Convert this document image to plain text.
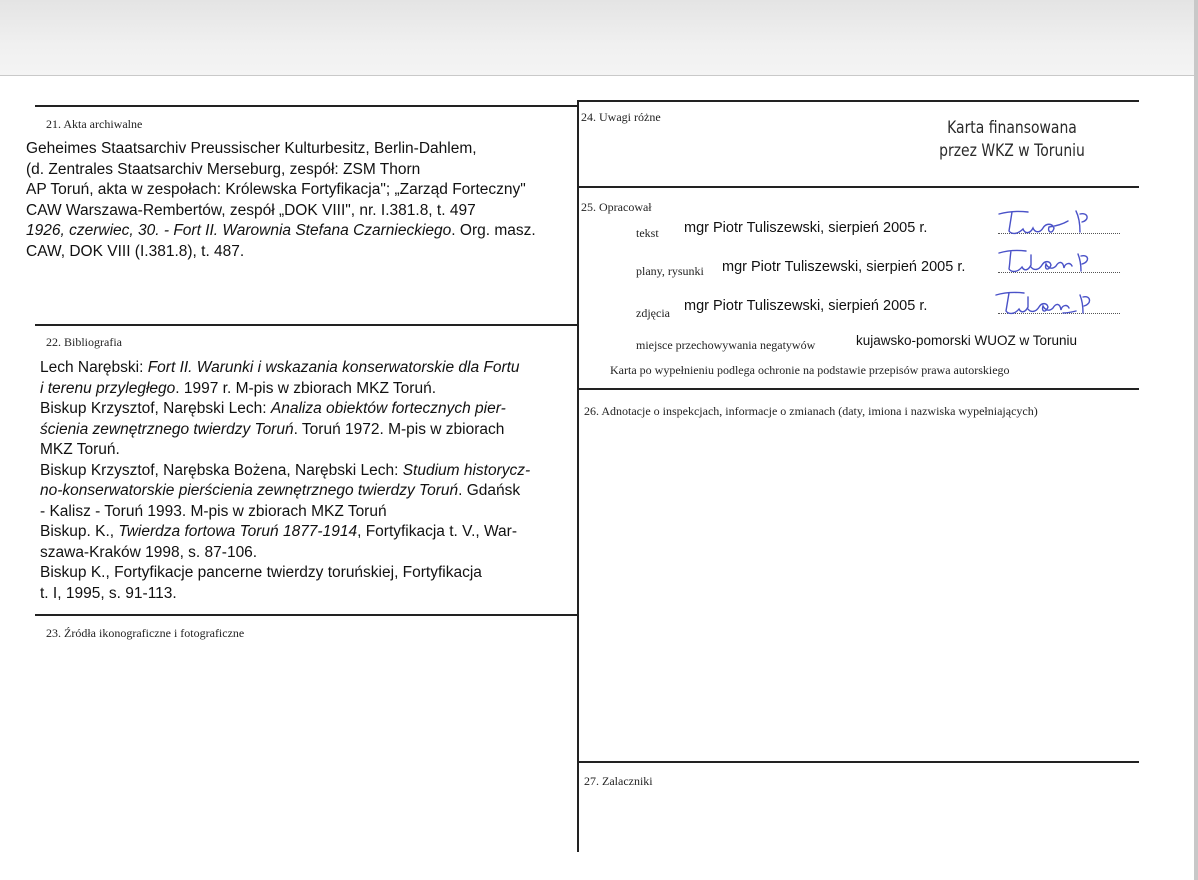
21. Akta archiwalne
Geheimes Staatsarchiv Preussischer Kulturbesitz, Berlin-Dahlem,
(d. Zentrales Staatsarchiv Merseburg, zespół: ZSM Thorn
AP Toruń, akta w zespołach: Królewska Fortyfikacja"; „Zarząd Forteczny"
CAW Warszawa-Rembertów, zespół „DOK VIII", nr. I.381.8, t. 497
1926, czerwiec, 30. - Fort II. Warownia Stefana Czarnieckiego. Org. masz.
CAW, DOK VIII (I.381.8), t. 487.
22. Bibliografia
Lech Narębski: Fort II. Warunki i wskazania konserwatorskie dla Fortu
i terenu przyległego. 1997 r. M-pis w zbiorach MKZ Toruń.
Biskup Krzysztof, Narębski Lech: Analiza obiektów fortecznych pier-
ścienia zewnętrznego twierdzy Toruń. Toruń 1972. M-pis w zbiorach
MKZ Toruń.
Biskup Krzysztof, Narębska Bożena, Narębski Lech: Studium historycz-
no-konserwatorskie pierścienia zewnętrznego twierdzy Toruń. Gdańsk
- Kalisz - Toruń 1993. M-pis w zbiorach MKZ Toruń
Biskup. K., Twierdza fortowa Toruń 1877-1914, Fortyfikacja t. V., War-
szawa-Kraków 1998, s. 87-106.
Biskup K., Fortyfikacje pancerne twierdzy toruńskiej, Fortyfikacja
t. I, 1995, s. 91-113.
23. Źródła ikonograficzne i fotograficzne
24. Uwagi różne
Karta finansowana
przez WKZ w Toruniu
25. Opracował
tekst mgr Piotr Tuliszewski, sierpień 2005 r.
plany, rysunki mgr Piotr Tuliszewski, sierpień 2005 r.
zdjęcia mgr Piotr Tuliszewski, sierpień 2005 r.
miejsce przechowywania negatywów	kujawsko-pomorski WUOZ w Toruniu
Karta po wypełnieniu podlega ochronie na podstawie przepisów prawa autorskiego
26. Adnotacje o inspekcjach, informacje o zmianach (daty, imiona i nazwiska wypełniających)
27. Zalaczniki
